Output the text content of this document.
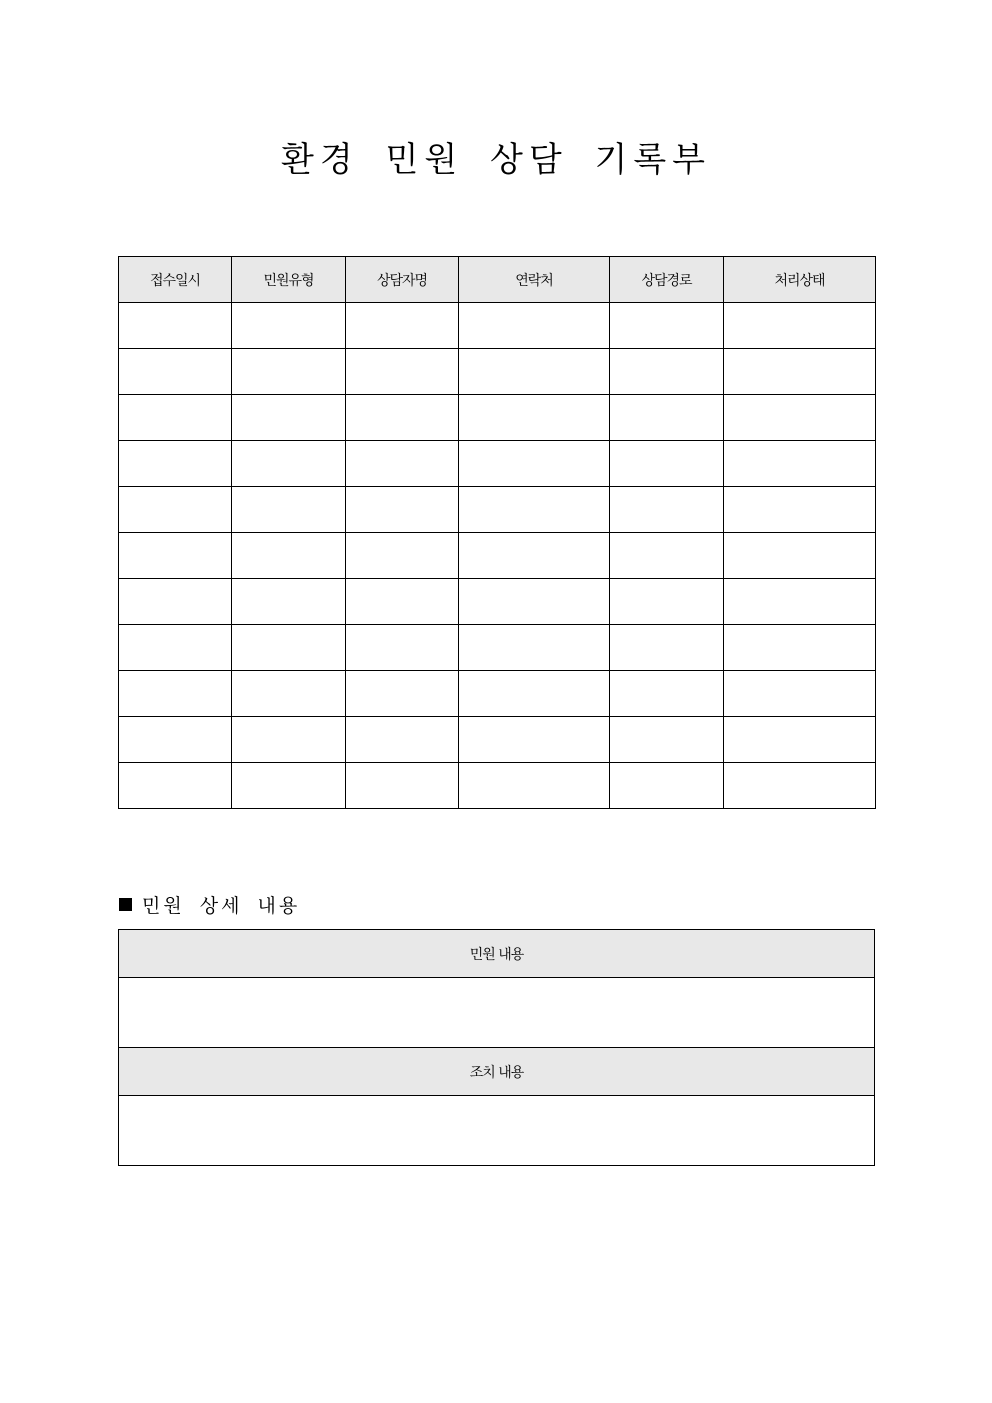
환경 민원 상담 기록부
접수일시	민원유형	상담자명	연락처	상담경로	처리상태

민원 상세 내용
민원 내용

조치 내용
